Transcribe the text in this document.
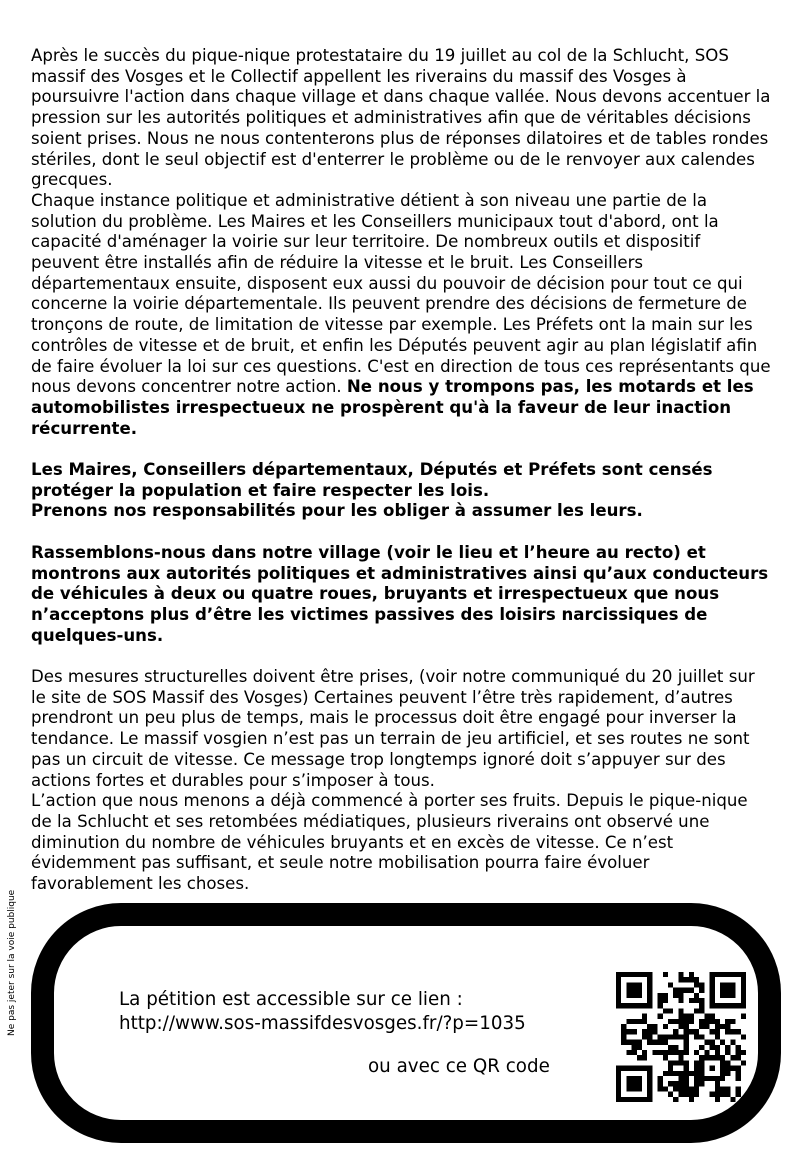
Après le succès du pique-nique protestataire du 19 juillet au col de la Schlucht, SOS massif des Vosges et le Collectif appellent les riverains du massif des Vosges à poursuivre l'action dans chaque village et dans chaque vallée. Nous devons accentuer la pression sur les autorités politiques et administratives afin que de véritables décisions soient prises. Nous ne nous contenterons plus de réponses dilatoires et de tables rondes stériles, dont le seul objectif est d'enterrer le problème ou de le renvoyer aux calendes grecques.

Chaque instance politique et administrative détient à son niveau une partie de la solution du problème. Les Maires et les Conseillers municipaux tout d'abord, ont la capacité d'aménager la voirie sur leur territoire. De nombreux outils et dispositif peuvent être installés afin de réduire la vitesse et le bruit. Les Conseillers départementaux ensuite, disposent eux aussi du pouvoir de décision pour tout ce qui concerne la voirie départementale. Ils peuvent prendre des décisions de fermeture de tronçons de route, de limitation de vitesse par exemple. Les Préfets ont la main sur les contrôles de vitesse et de bruit, et enfin les Députés peuvent agir au plan législatif afin de faire évoluer la loi sur ces questions. C'est en direction de tous ces représentants que nous devons concentrer notre action. Ne nous y trompons pas, les motards et les automobilistes irrespectueux ne prospèrent qu'à la faveur de leur inaction récurrente.

Les Maires, Conseillers départementaux, Députés et Préfets sont censés protéger la population et faire respecter les lois.

Prenons nos responsabilités pour les obliger à assumer les leurs.

Rassemblons-nous dans notre village (voir le lieu et l’heure au recto) et montrons aux autorités politiques et administratives ainsi qu’aux conducteurs de véhicules à deux ou quatre roues, bruyants et irrespectueux que nous n’acceptons plus d’être les victimes passives des loisirs narcissiques de quelques-uns.

Des mesures structurelles doivent être prises, (voir notre communiqué du 20 juillet sur le site de SOS Massif des Vosges) Certaines peuvent l’être très rapidement, d’autres prendront un peu plus de temps, mais le processus doit être engagé pour inverser la tendance. Le massif vosgien n’est pas un terrain de jeu artificiel, et ses routes ne sont pas un circuit de vitesse. Ce message trop longtemps ignoré doit s’appuyer sur des actions fortes et durables pour s’imposer à tous.

L’action que nous menons a déjà commencé à porter ses fruits. Depuis le pique-nique de la Schlucht et ses retombées médiatiques, plusieurs riverains ont observé une diminution du nombre de véhicules bruyants et en excès de vitesse. Ce n’est évidemment pas suffisant, et seule notre mobilisation pourra faire évoluer favorablement les choses.

Ne pas jeter sur la voie publique	La pétition est accessible sur ce lien :
http://www.sos-massifdesvosges.fr/?p=1035
ou avec ce QR code
